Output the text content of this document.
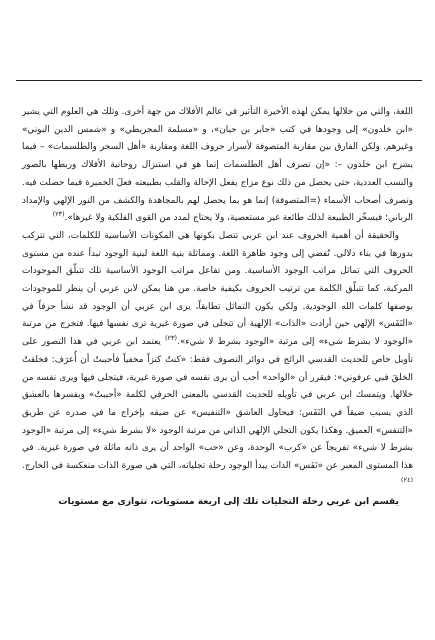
اللغة، والتي من خلالها يمكن لهذه الأخيرة التأثير في عالم الأفلاك من جهة أخرى. وتلك هي العلوم التي يشير «ابن خلدون» إلى وجودها في كتب «جابر بن حيان»، و «مسلمة المجريطي» و «شمس الدين البوني» وغيرهم. ولكن الفارق بين مقاربة المتصوفة لأسرار حروف اللغة ومقاربة «أهل السحر والطلسمات» – فيما يشرح ابن خلدون –: «إن تصرف أهل الطلسمات إنما هو في استنزال روحانية الأفلاك وربطها بالصور والنسب العددية، حتى يحصل من ذلك نوع مزاج يفعل الإحالة والقلب بطبيعته فعلَ الخميرة فيما حصلت فيه. وتصرف أصحاب الأسماء (=المتصوفة) إنما هو بما يحصل لهم بالمجاهدة والكشف من النور الإلهي والإمداد الرباني؛ فيسخّر الطبيعة لذلك طائعة غير مستعصية، ولا يحتاج لمدد من القوى الفلكية ولا غيرها».$^{(٢٣)}$

والحقيقة أن أهمية الحروف عند ابن عربي تتصل بكونها هي المكونات الأساسية للكلمات، التي تتركب بدورها في بناء دلالي. تُفضي إلى وجود ظاهرة اللغة. ومماثلة بنية اللغة لبنية الوجود تبدأ عنده من مستوى الحروف التي تماثل مراتب الوجود الأساسية. ومن تفاعل مراتب الوجود الأساسية تلك تتبلّق الموجودات المركبة، كما تتبلّق الكلمة من ترتيب الحروف بكيفية خاصة. من هنا يمكن لابن عربي أن ينظر للموجودات بوصفها كلمات الله الوجودية. ولكي يكون التماثل تطابقاً، يرى ابن عربي أن الوجود قد نشأ حرفاً في «النَفَس» الإلهي حين أرادت «الذات» الإلهية أن تتجلى في صورة غيرية ترى نفسها فيها. فتخرج من مرتبة «الوجود لا بشرط شيء» إلى مرتبة «الوجود بشرط لا شيء».$^{(٢٣)}$ يعتمد ابن عربي في هذا التصور على تأويل خاص للحديث القدسي الرائج في دوائر التصوف فقط: «كنتُ كنزاً مخفياً فأحببتُ أن أُعرَف: فخلقتُ الخلقَ فبي عرفوني»: فيقرر أن «الواحد» أحب أن يرى نفسه في صورة غيرية، فيتجلى فيها ويرى نفسه من خلالها. ويتمسك ابن عربي في تأويله للحديث القدسي بالمعنى الحرفي لكلمة «أحببتُ» ويفسرها بالعشق الذي يسبب ضيقاً في النَفَس: فيحاول العاشق «التنفيس» عن ضيقه بإخراج ما في صدره عن طريق «التنفس» العميق. وهكذا يكون التجلي الإلهي الذاتي من مرتبة الوجود «لا بشرط شيء» إلى مرتبة «الوجود بشرط لا شيء» تفريجاً عن «كرب» الوحدة، وعن «حب» الواحد أن يرى ذاته ماثلة في صورة غيرية. في هذا المستوى المعبر عن «نَفَس» الذات يبدأ الوجود رحلة تجلياته، التي هي صورة الذات منعكسة في الخارج.$^{(٢٤)}$

يقسم ابن عربي رحلة التجليات تلك إلى اربعة مستويات، تتوازى مع مستويات
